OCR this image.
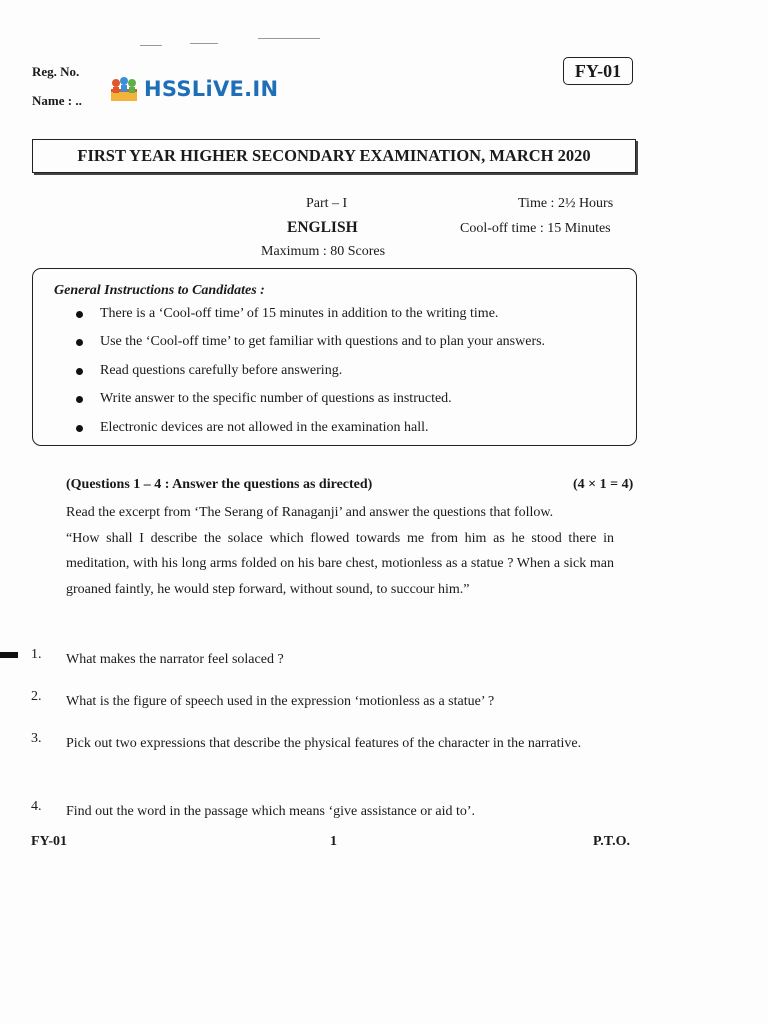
Reg. No.
Name : ..	HSSLiVE.IN
FY-01
FIRST YEAR HIGHER SECONDARY EXAMINATION, MARCH 2020
Part – I
ENGLISH
Maximum : 80 Scores
Time : 2½ Hours
Cool-off time : 15 Minutes
General Instructions to Candidates :
There is a ‘Cool-off time’ of 15 minutes in addition to the writing time.
Use the ‘Cool-off time’ to get familiar with questions and to plan your answers.
Read questions carefully before answering.
Write answer to the specific number of questions as instructed.
Electronic devices are not allowed in the examination hall.
(Questions 1 – 4 : Answer the questions as directed)	(4 × 1 = 4)

Read the excerpt from ‘The Serang of Ranaganji’ and answer the questions that follow.

“How shall I describe the solace which flowed towards me from him as he stood there in meditation, with his long arms folded on his bare chest, motionless as a statue ? When a sick man groaned faintly, he would step forward, without sound, to succour him.”

1. What makes the narrator feel solaced ?
2. What is the figure of speech used in the expression ‘motionless as a statue’ ?
3. Pick out two expressions that describe the physical features of the character in the narrative.
4. Find out the word in the passage which means ‘give assistance or aid to’.
FY-01	1	P.T.O.
